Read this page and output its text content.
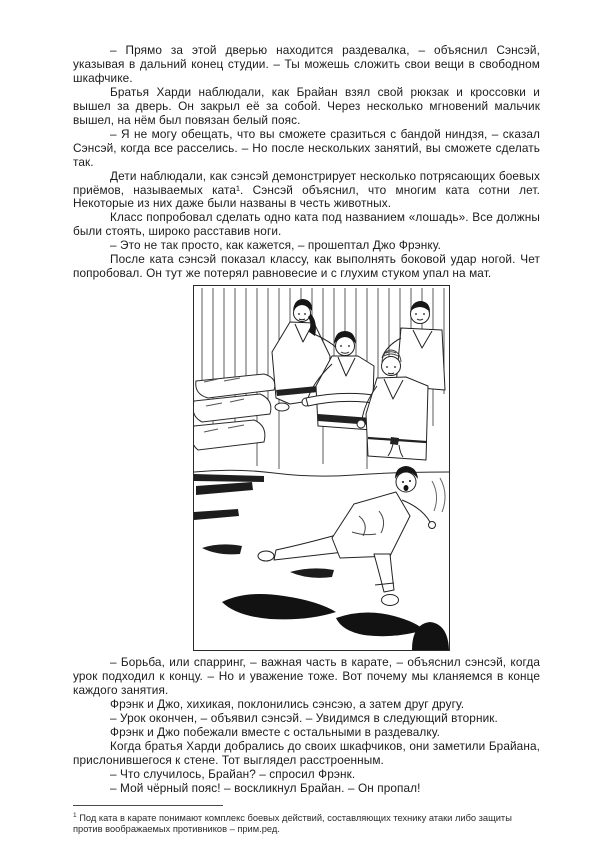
– Прямо за этой дверью находится раздевалка, – объяснил Сэнсэй, указывая в дальний конец студии. – Ты можешь сложить свои вещи в свободном шкафчике.

Братья Харди наблюдали, как Брайан взял свой рюкзак и кроссовки и вышел за дверь. Он закрыл её за собой. Через несколько мгновений мальчик вышел, на нём был повязан белый пояс.

– Я не могу обещать, что вы сможете сразиться с бандой ниндзя, – сказал Сэнсэй, когда все расселись. – Но после нескольких занятий, вы сможете сделать так.

Дети наблюдали, как сэнсэй демонстрирует несколько потрясающих боевых приёмов, называемых ката¹. Сэнсэй объяснил, что многим ката сотни лет. Некоторые из них даже были названы в честь животных.

Класс попробовал сделать одно ката под названием «лошадь». Все должны были стоять, широко расставив ноги.

– Это не так просто, как кажется, – прошептал Джо Фрэнку.

После ката сэнсэй показал классу, как выполнять боковой удар ногой. Чет попробовал. Он тут же потерял равновесие и с глухим стуком упал на мат.

– Борьба, или спарринг, – важная часть в карате, – объяснил сэнсэй, когда урок подходил к концу. – Но и уважение тоже. Вот почему мы кланяемся в конце каждого занятия.

Фрэнк и Джо, хихикая, поклонились сэнсэю, а затем друг другу.

– Урок окончен, – объявил сэнсэй. – Увидимся в следующий вторник.

Фрэнк и Джо побежали вместе с остальными в раздевалку.

Когда братья Харди добрались до своих шкафчиков, они заметили Брайана, прислонившегося к стене. Тот выглядел расстроенным.

– Что случилось, Брайан? – спросил Фрэнк.

– Мой чёрный пояс! – воскликнул Брайан. – Он пропал!

$^1$ Под ката в карате понимают комплекс боевых действий, составляющих технику атаки либо защиты против воображаемых противников – прим.ред.
